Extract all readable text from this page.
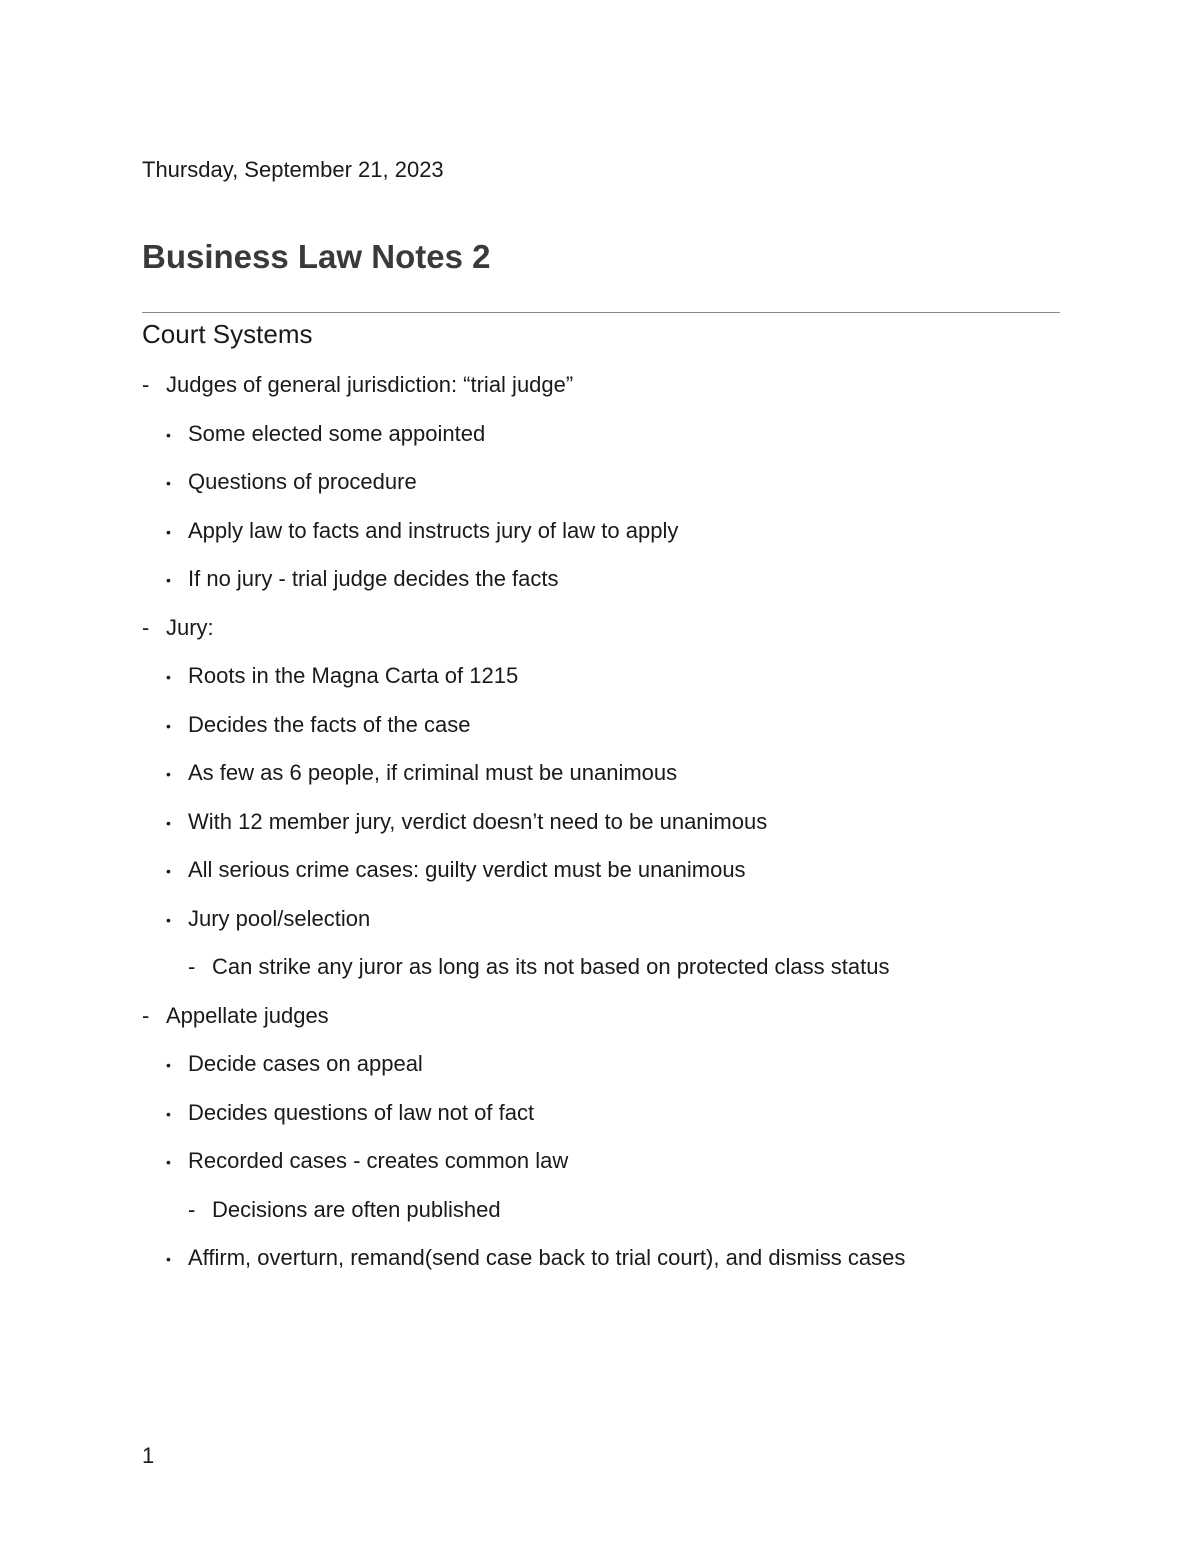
Thursday, September 21, 2023
Business Law Notes 2
Court Systems
- Judges of general jurisdiction: “trial judge”
• Some elected some appointed
• Questions of procedure
• Apply law to facts and instructs jury of law to apply
• If no jury - trial judge decides the facts
- Jury:
• Roots in the Magna Carta of 1215
• Decides the facts of the case
• As few as 6 people, if criminal must be unanimous
• With 12 member jury, verdict doesn’t need to be unanimous
• All serious crime cases: guilty verdict must be unanimous
• Jury pool/selection
- Can strike any juror as long as its not based on protected class status
- Appellate judges
• Decide cases on appeal
• Decides questions of law not of fact
• Recorded cases - creates common law
- Decisions are often published
• Affirm, overturn, remand(send case back to trial court), and dismiss cases
1
